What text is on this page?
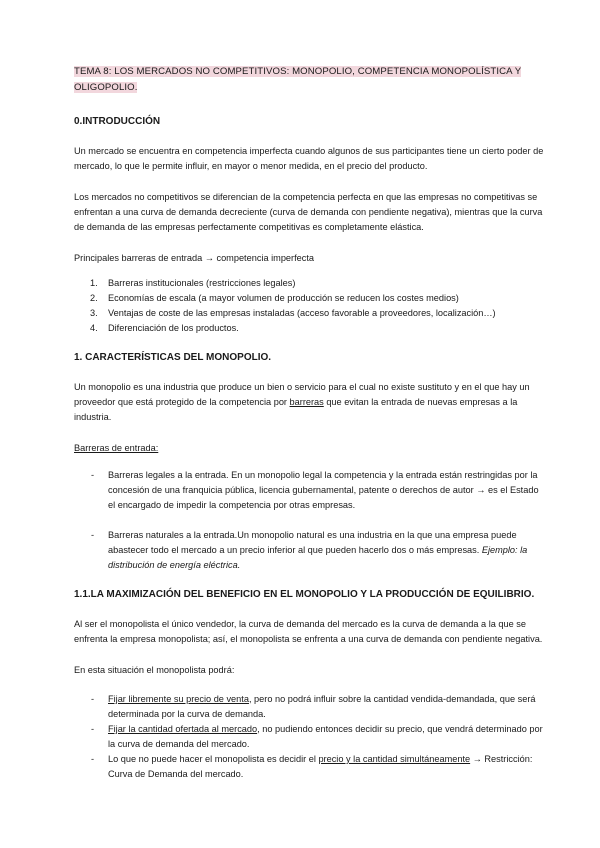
TEMA 8: LOS MERCADOS NO COMPETITIVOS: MONOPOLIO, COMPETENCIA MONOPOLÍSTICA Y OLIGOPOLIO.

0.INTRODUCCIÓN

Un mercado se encuentra en competencia imperfecta cuando algunos de sus participantes tiene un cierto poder de mercado, lo que le permite influir, en mayor o menor medida, en el precio del producto.

Los mercados no competitivos se diferencian de la competencia perfecta en que las empresas no competitivas se enfrentan a una curva de demanda decreciente (curva de demanda con pendiente negativa), mientras que la curva de demanda de las empresas perfectamente competitivas es completamente elástica.

Principales barreras de entrada → competencia imperfecta

1. Barreras institucionales (restricciones legales)
2. Economías de escala (a mayor volumen de producción se reducen los costes medios)
3. Ventajas de coste de las empresas instaladas (acceso favorable a proveedores, localización…)
4. Diferenciación de los productos.

1. CARACTERÍSTICAS DEL MONOPOLIO.

Un monopolio es una industria que produce un bien o servicio para el cual no existe sustituto y en el que hay un proveedor que está protegido de la competencia por barreras que evitan la entrada de nuevas empresas a la industria.

Barreras de entrada:

- Barreras legales a la entrada. En un monopolio legal la competencia y la entrada están restringidas por la concesión de una franquicia pública, licencia gubernamental, patente o derechos de autor → es el Estado el encargado de impedir la competencia por otras empresas.
- Barreras naturales a la entrada.Un monopolio natural es una industria en la que una empresa puede abastecer todo el mercado a un precio inferior al que pueden hacerlo dos o más empresas. Ejemplo: la distribución de energía eléctrica.

1.1.LA MAXIMIZACIÓN DEL BENEFICIO EN EL MONOPOLIO Y LA PRODUCCIÓN DE EQUILIBRIO.

Al ser el monopolista el único vendedor, la curva de demanda del mercado es la curva de demanda a la que se enfrenta la empresa monopolista; así, el monopolista se enfrenta a una curva de demanda con pendiente negativa.

En esta situación el monopolista podrá:

- Fijar libremente su precio de venta, pero no podrá influir sobre la cantidad vendida-demandada, que será determinada por la curva de demanda.
- Fijar la cantidad ofertada al mercado, no pudiendo entonces decidir su precio, que vendrá determinado por la curva de demanda del mercado.
- Lo que no puede hacer el monopolista es decidir el precio y la cantidad simultáneamente → Restricción: Curva de Demanda del mercado.
